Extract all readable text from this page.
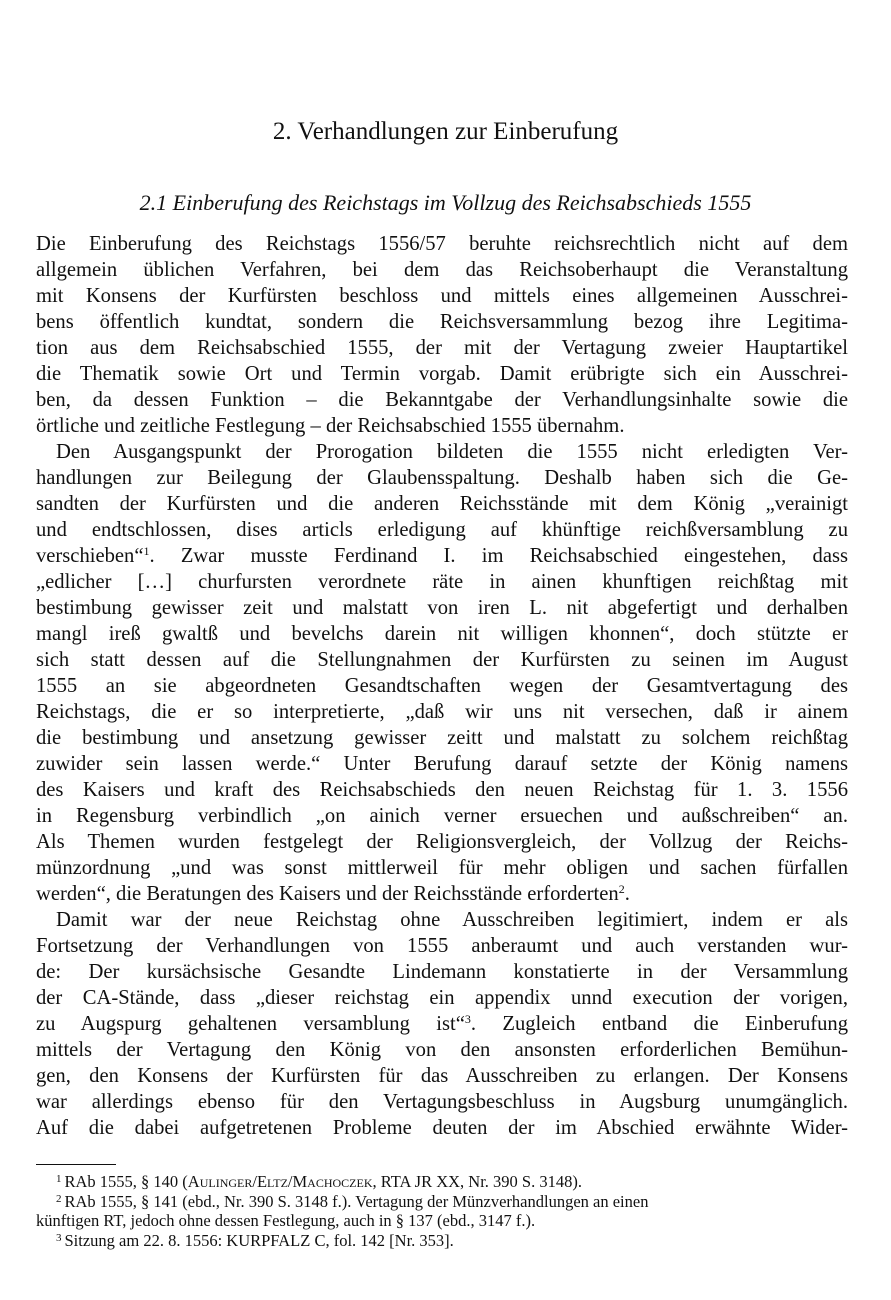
2. Verhandlungen zur Einberufung
2.1 Einberufung des Reichstags im Vollzug des Reichsabschieds 1555
Die Einberufung des Reichstags 1556/57 beruhte reichsrechtlich nicht auf dem
allgemein üblichen Verfahren, bei dem das Reichsoberhaupt die Veranstaltung
mit Konsens der Kurfürsten beschloss und mittels eines allgemeinen Ausschrei-
bens öffentlich kundtat, sondern die Reichsversammlung bezog ihre Legitima-
tion aus dem Reichsabschied 1555, der mit der Vertagung zweier Hauptartikel
die Thematik sowie Ort und Termin vorgab. Damit erübrigte sich ein Ausschrei-
ben, da dessen Funktion – die Bekanntgabe der Verhandlungsinhalte sowie die
örtliche und zeitliche Festlegung – der Reichsabschied 1555 übernahm.
Den Ausgangspunkt der Prorogation bildeten die 1555 nicht erledigten Ver-
handlungen zur Beilegung der Glaubensspaltung. Deshalb haben sich die Ge-
sandten der Kurfürsten und die anderen Reichsstände mit dem König „verainigt
und endtschlossen, dises articls erledigung auf khünftige reichßversamblung zu
verschieben“$^1$. Zwar musste Ferdinand I. im Reichsabschied eingestehen, dass
„edlicher […] churfursten verordnete räte in ainen khunftigen reichßtag mit
bestimbung gewisser zeit und malstatt von iren L. nit abgefertigt und derhalben
mangl ireß gwaltß und bevelchs darein nit willigen khonnen“, doch stützte er
sich statt dessen auf die Stellungnahmen der Kurfürsten zu seinen im August
1555 an sie abgeordneten Gesandtschaften wegen der Gesamtvertagung des
Reichstags, die er so interpretierte, „daß wir uns nit versechen, daß ir ainem
die bestimbung und ansetzung gewisser zeitt und malstatt zu solchem reichßtag
zuwider sein lassen werde.“ Unter Berufung darauf setzte der König namens
des Kaisers und kraft des Reichsabschieds den neuen Reichstag für 1. 3. 1556
in Regensburg verbindlich „on ainich verner ersuechen und außschreiben“ an.
Als Themen wurden festgelegt der Religionsvergleich, der Vollzug der Reichs-
münzordnung „und was sonst mittlerweil für mehr obligen und sachen fürfallen
werden“, die Beratungen des Kaisers und der Reichsstände erforderten$^2$.
Damit war der neue Reichstag ohne Ausschreiben legitimiert, indem er als
Fortsetzung der Verhandlungen von 1555 anberaumt und auch verstanden wur-
de: Der kursächsische Gesandte Lindemann konstatierte in der Versammlung
der CA-Stände, dass „dieser reichstag ein appendix unnd execution der vorigen,
zu Augspurg gehaltenen versamblung ist“$^3$. Zugleich entband die Einberufung
mittels der Vertagung den König von den ansonsten erforderlichen Bemühun-
gen, den Konsens der Kurfürsten für das Ausschreiben zu erlangen. Der Konsens
war allerdings ebenso für den Vertagungsbeschluss in Augsburg unumgänglich.
Auf die dabei aufgetretenen Probleme deuten der im Abschied erwähnte Wider-
$^1$ RAb 1555, § 140 (Aulinger/Eltz/Machoczek, RTA JR XX, Nr. 390 S. 3148).
$^2$ RAb 1555, § 141 (ebd., Nr. 390 S. 3148 f.). Vertagung der Münzverhandlungen an einen
künftigen RT, jedoch ohne dessen Festlegung, auch in § 137 (ebd., 3147 f.).
$^3$ Sitzung am 22. 8. 1556: KURPFALZ C, fol. 142 [Nr. 353].
